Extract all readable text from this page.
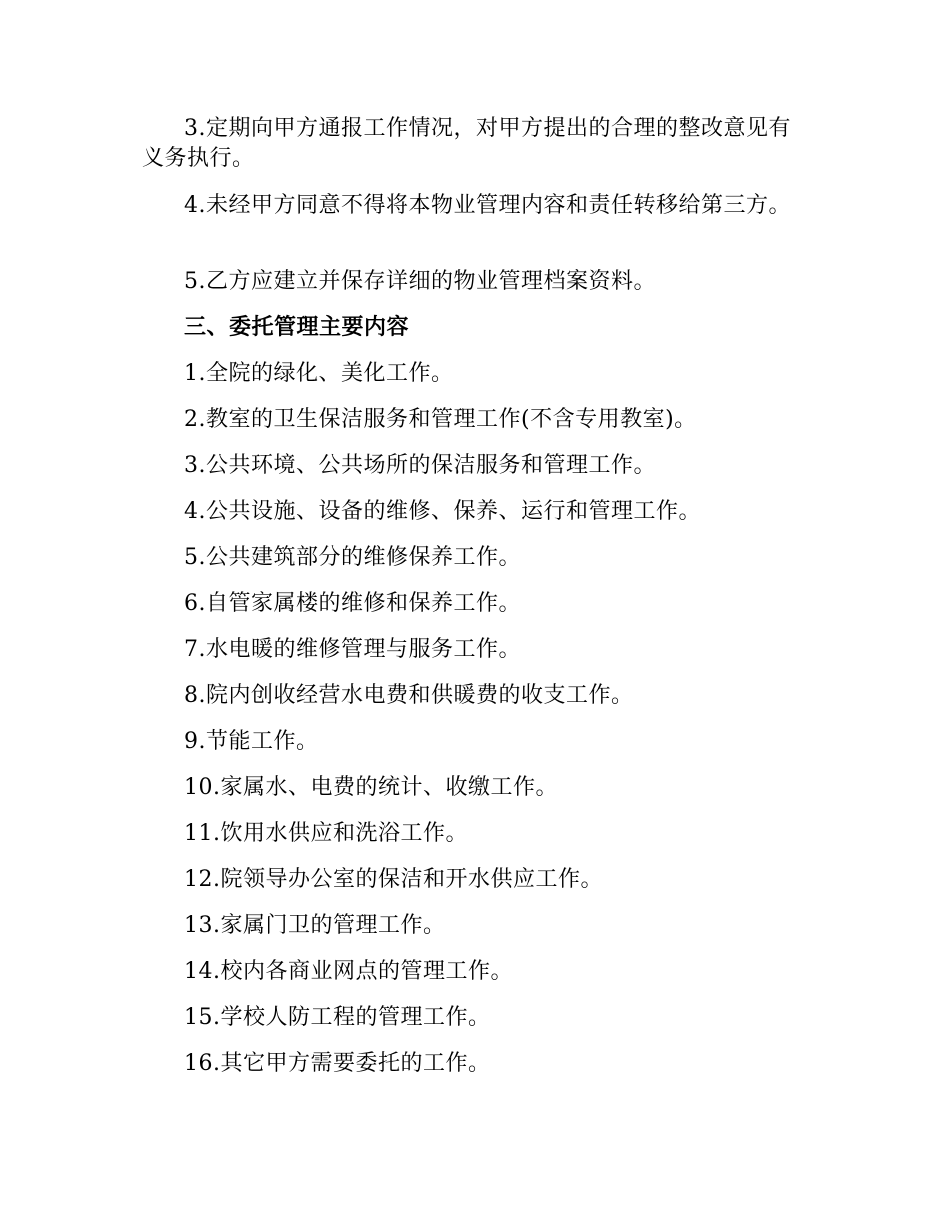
3.定期向甲方通报工作情况，对甲方提出的合理的整改意见有义务执行。

4.未经甲方同意不得将本物业管理内容和责任转移给第三方。

5.乙方应建立并保存详细的物业管理档案资料。

三、委托管理主要内容

1.全院的绿化、美化工作。

2.教室的卫生保洁服务和管理工作(不含专用教室)。

3.公共环境、公共场所的保洁服务和管理工作。

4.公共设施、设备的维修、保养、运行和管理工作。

5.公共建筑部分的维修保养工作。

6.自管家属楼的维修和保养工作。

7.水电暖的维修管理与服务工作。

8.院内创收经营水电费和供暖费的收支工作。

9.节能工作。

10.家属水、电费的统计、收缴工作。

11.饮用水供应和洗浴工作。

12.院领导办公室的保洁和开水供应工作。

13.家属门卫的管理工作。

14.校内各商业网点的管理工作。

15.学校人防工程的管理工作。

16.其它甲方需要委托的工作。
